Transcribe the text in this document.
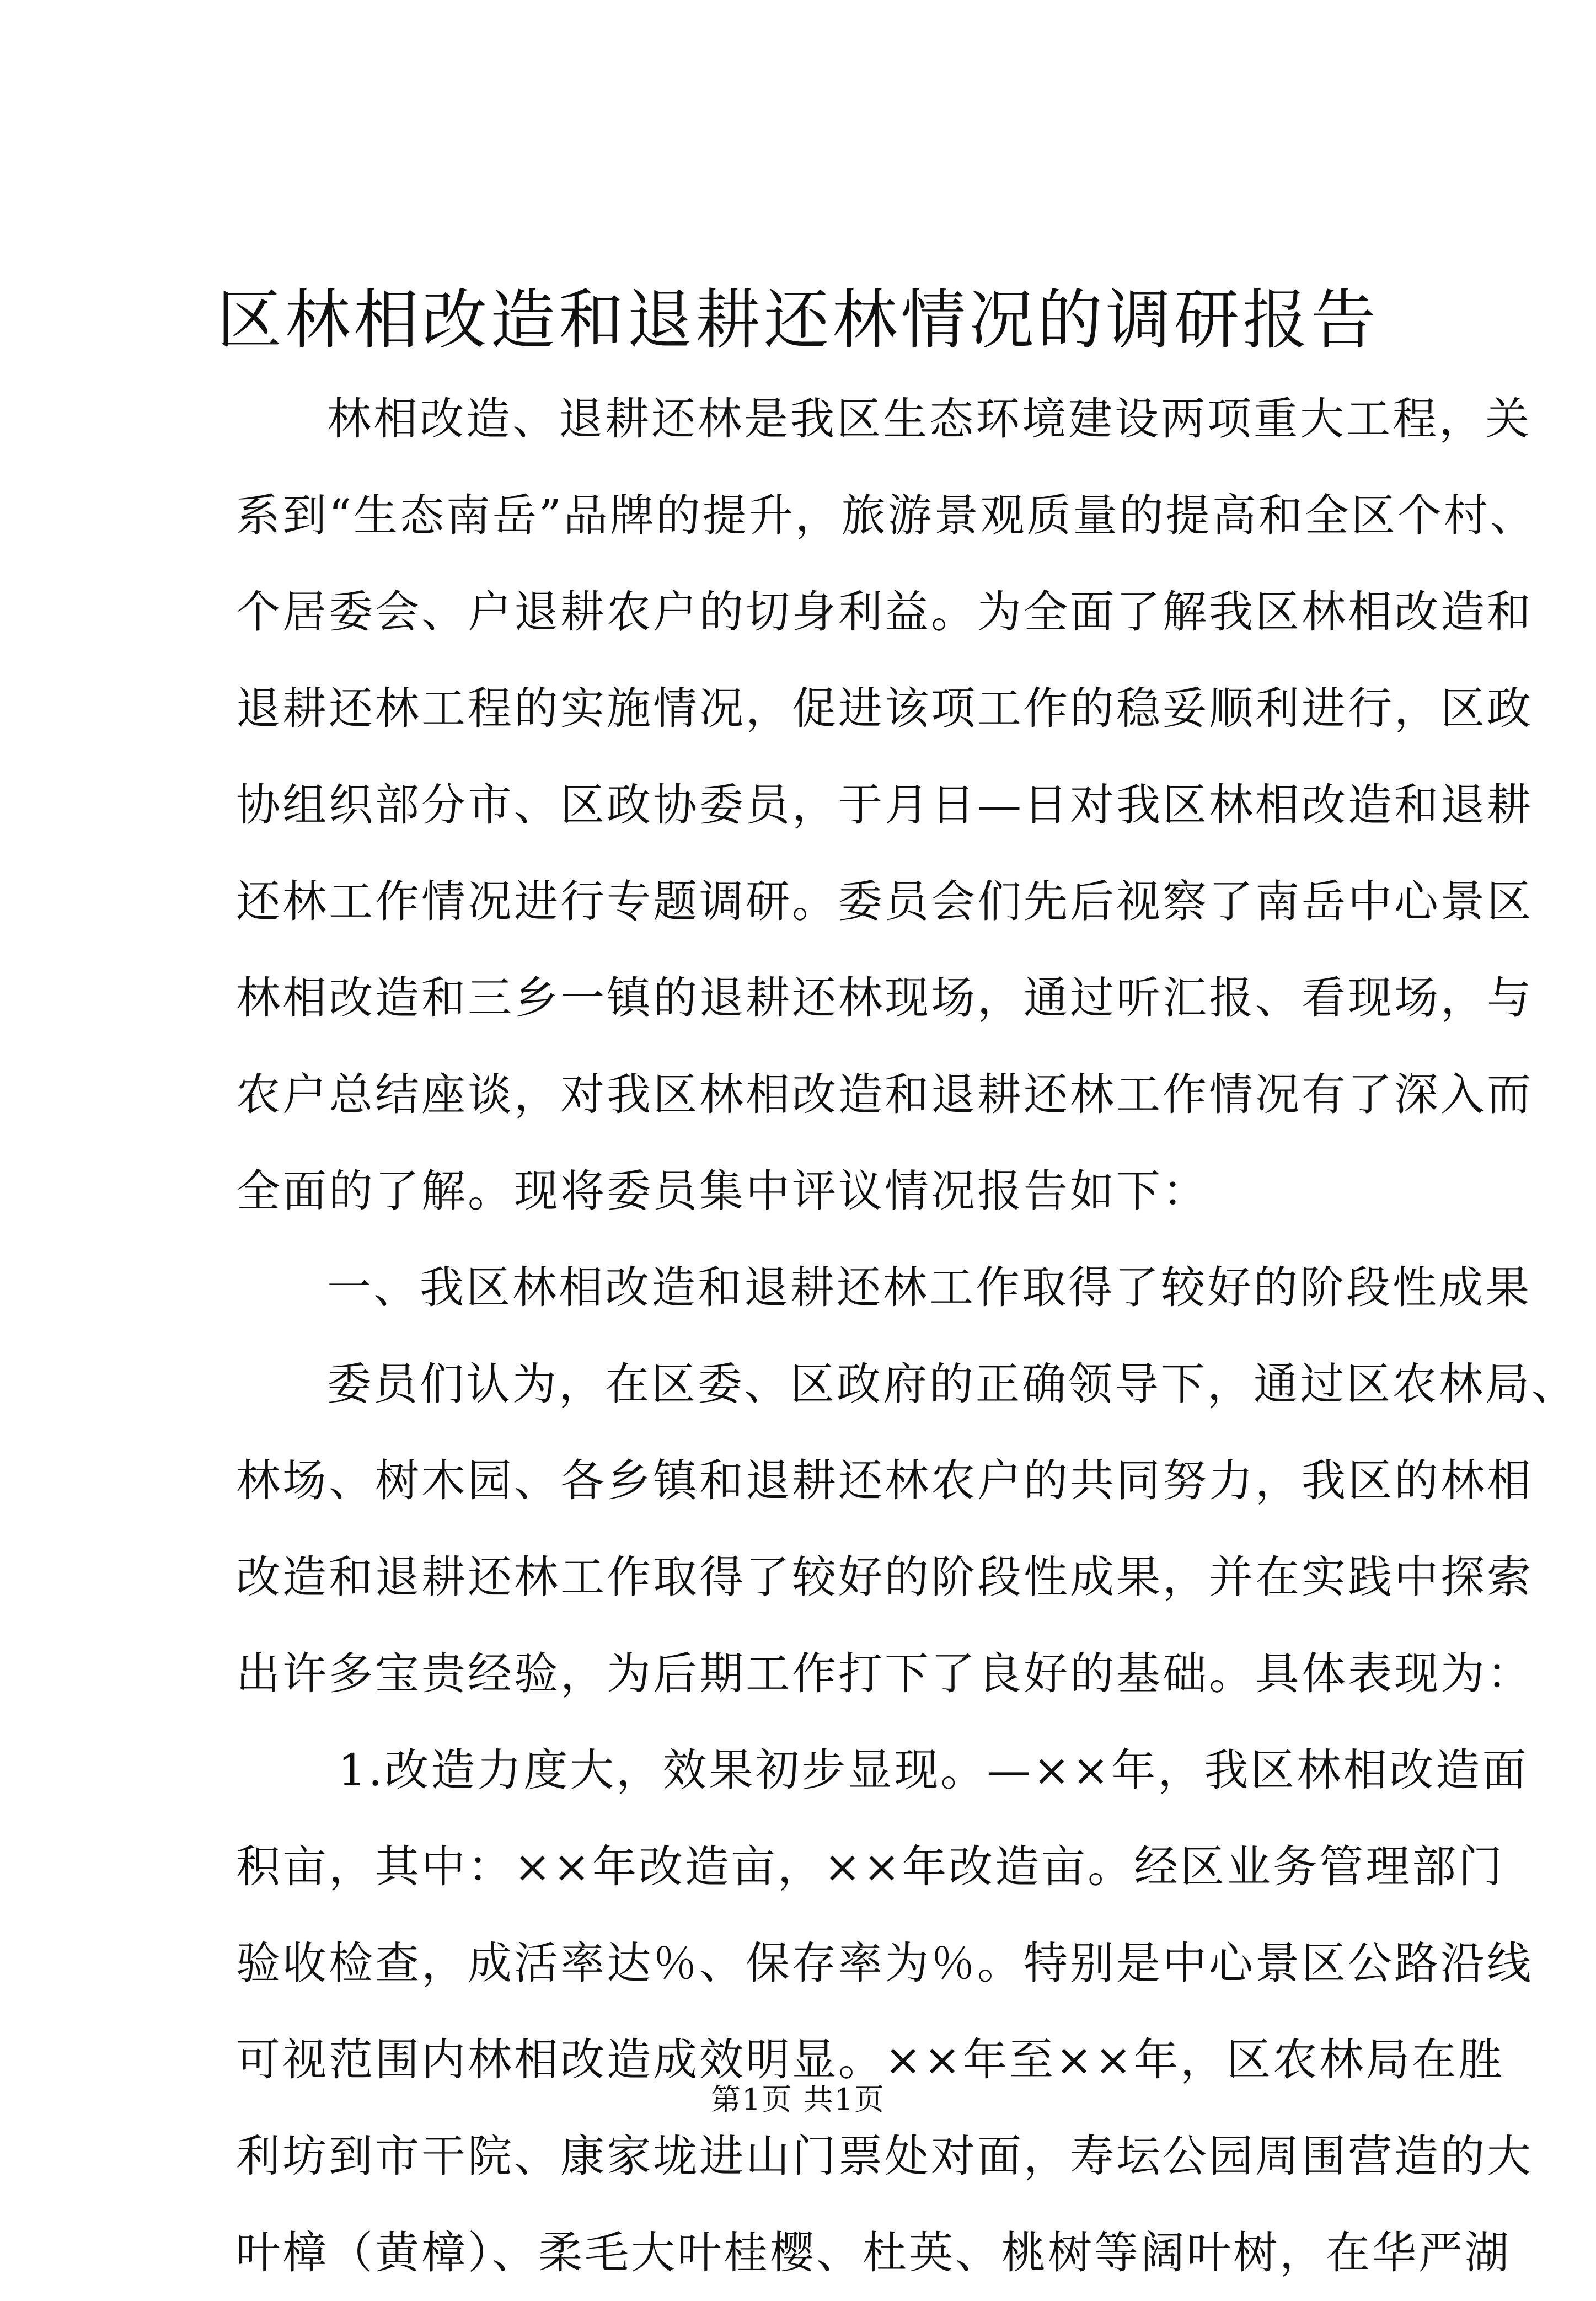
区林相改造和退耕还林情况的调研报告
林相改造、退耕还林是我区生态环境建设两项重大工程，关
系到“生态南岳”品牌的提升，旅游景观质量的提高和全区个村、
个居委会、户退耕农户的切身利益。为全面了解我区林相改造和
退耕还林工程的实施情况，促进该项工作的稳妥顺利进行，区政
协组织部分市、区政协委员，于月日—日对我区林相改造和退耕
还林工作情况进行专题调研。委员会们先后视察了南岳中心景区
林相改造和三乡一镇的退耕还林现场，通过听汇报、看现场，与
农户总结座谈，对我区林相改造和退耕还林工作情况有了深入而
全面的了解。现将委员集中评议情况报告如下：
一、我区林相改造和退耕还林工作取得了较好的阶段性成果
委员们认为，在区委、区政府的正确领导下，通过区农林局、
林场、树木园、各乡镇和退耕还林农户的共同努力，我区的林相
改造和退耕还林工作取得了较好的阶段性成果，并在实践中探索
出许多宝贵经验，为后期工作打下了良好的基础。具体表现为：
1.改造力度大，效果初步显现。—××年，我区林相改造面
积亩，其中：××年改造亩，××年改造亩。经区业务管理部门
验收检查，成活率达％、保存率为％。特别是中心景区公路沿线
可视范围内林相改造成效明显。××年至××年，区农林局在胜
利坊到市干院、康家垅进山门票处对面，寿坛公园周围营造的大
叶樟（黄樟）、柔毛大叶桂樱、杜英、桃树等阔叶树，在华严湖
第1页 共1页
